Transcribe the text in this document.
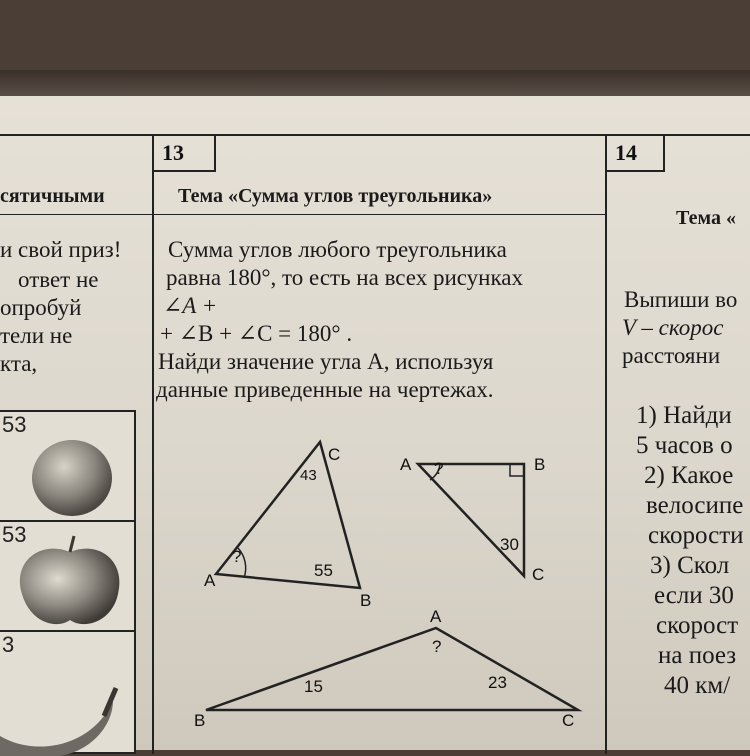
13	14
сятичными
и свой приз!
ответ не
опробуй
тели не
кта,
53
53
3
Тема «Сумма углов треугольника»
Сумма углов любого треугольника
равна 180°, то есть на всех рисунках
∠A +
+ ∠B + ∠C = 180° .
Найди значение угла A, используя
данные приведенные на чертежах.
A
B
C
?
55
43
A	B
C
?
30
B
A
C
?
15	23
Тема «
Выпиши во
V – скорос
расстояни
1) Найди
5 часов о
2) Какое
велосипе
скорости
3) Скол
если 30
скорост
на поез
40 км/
